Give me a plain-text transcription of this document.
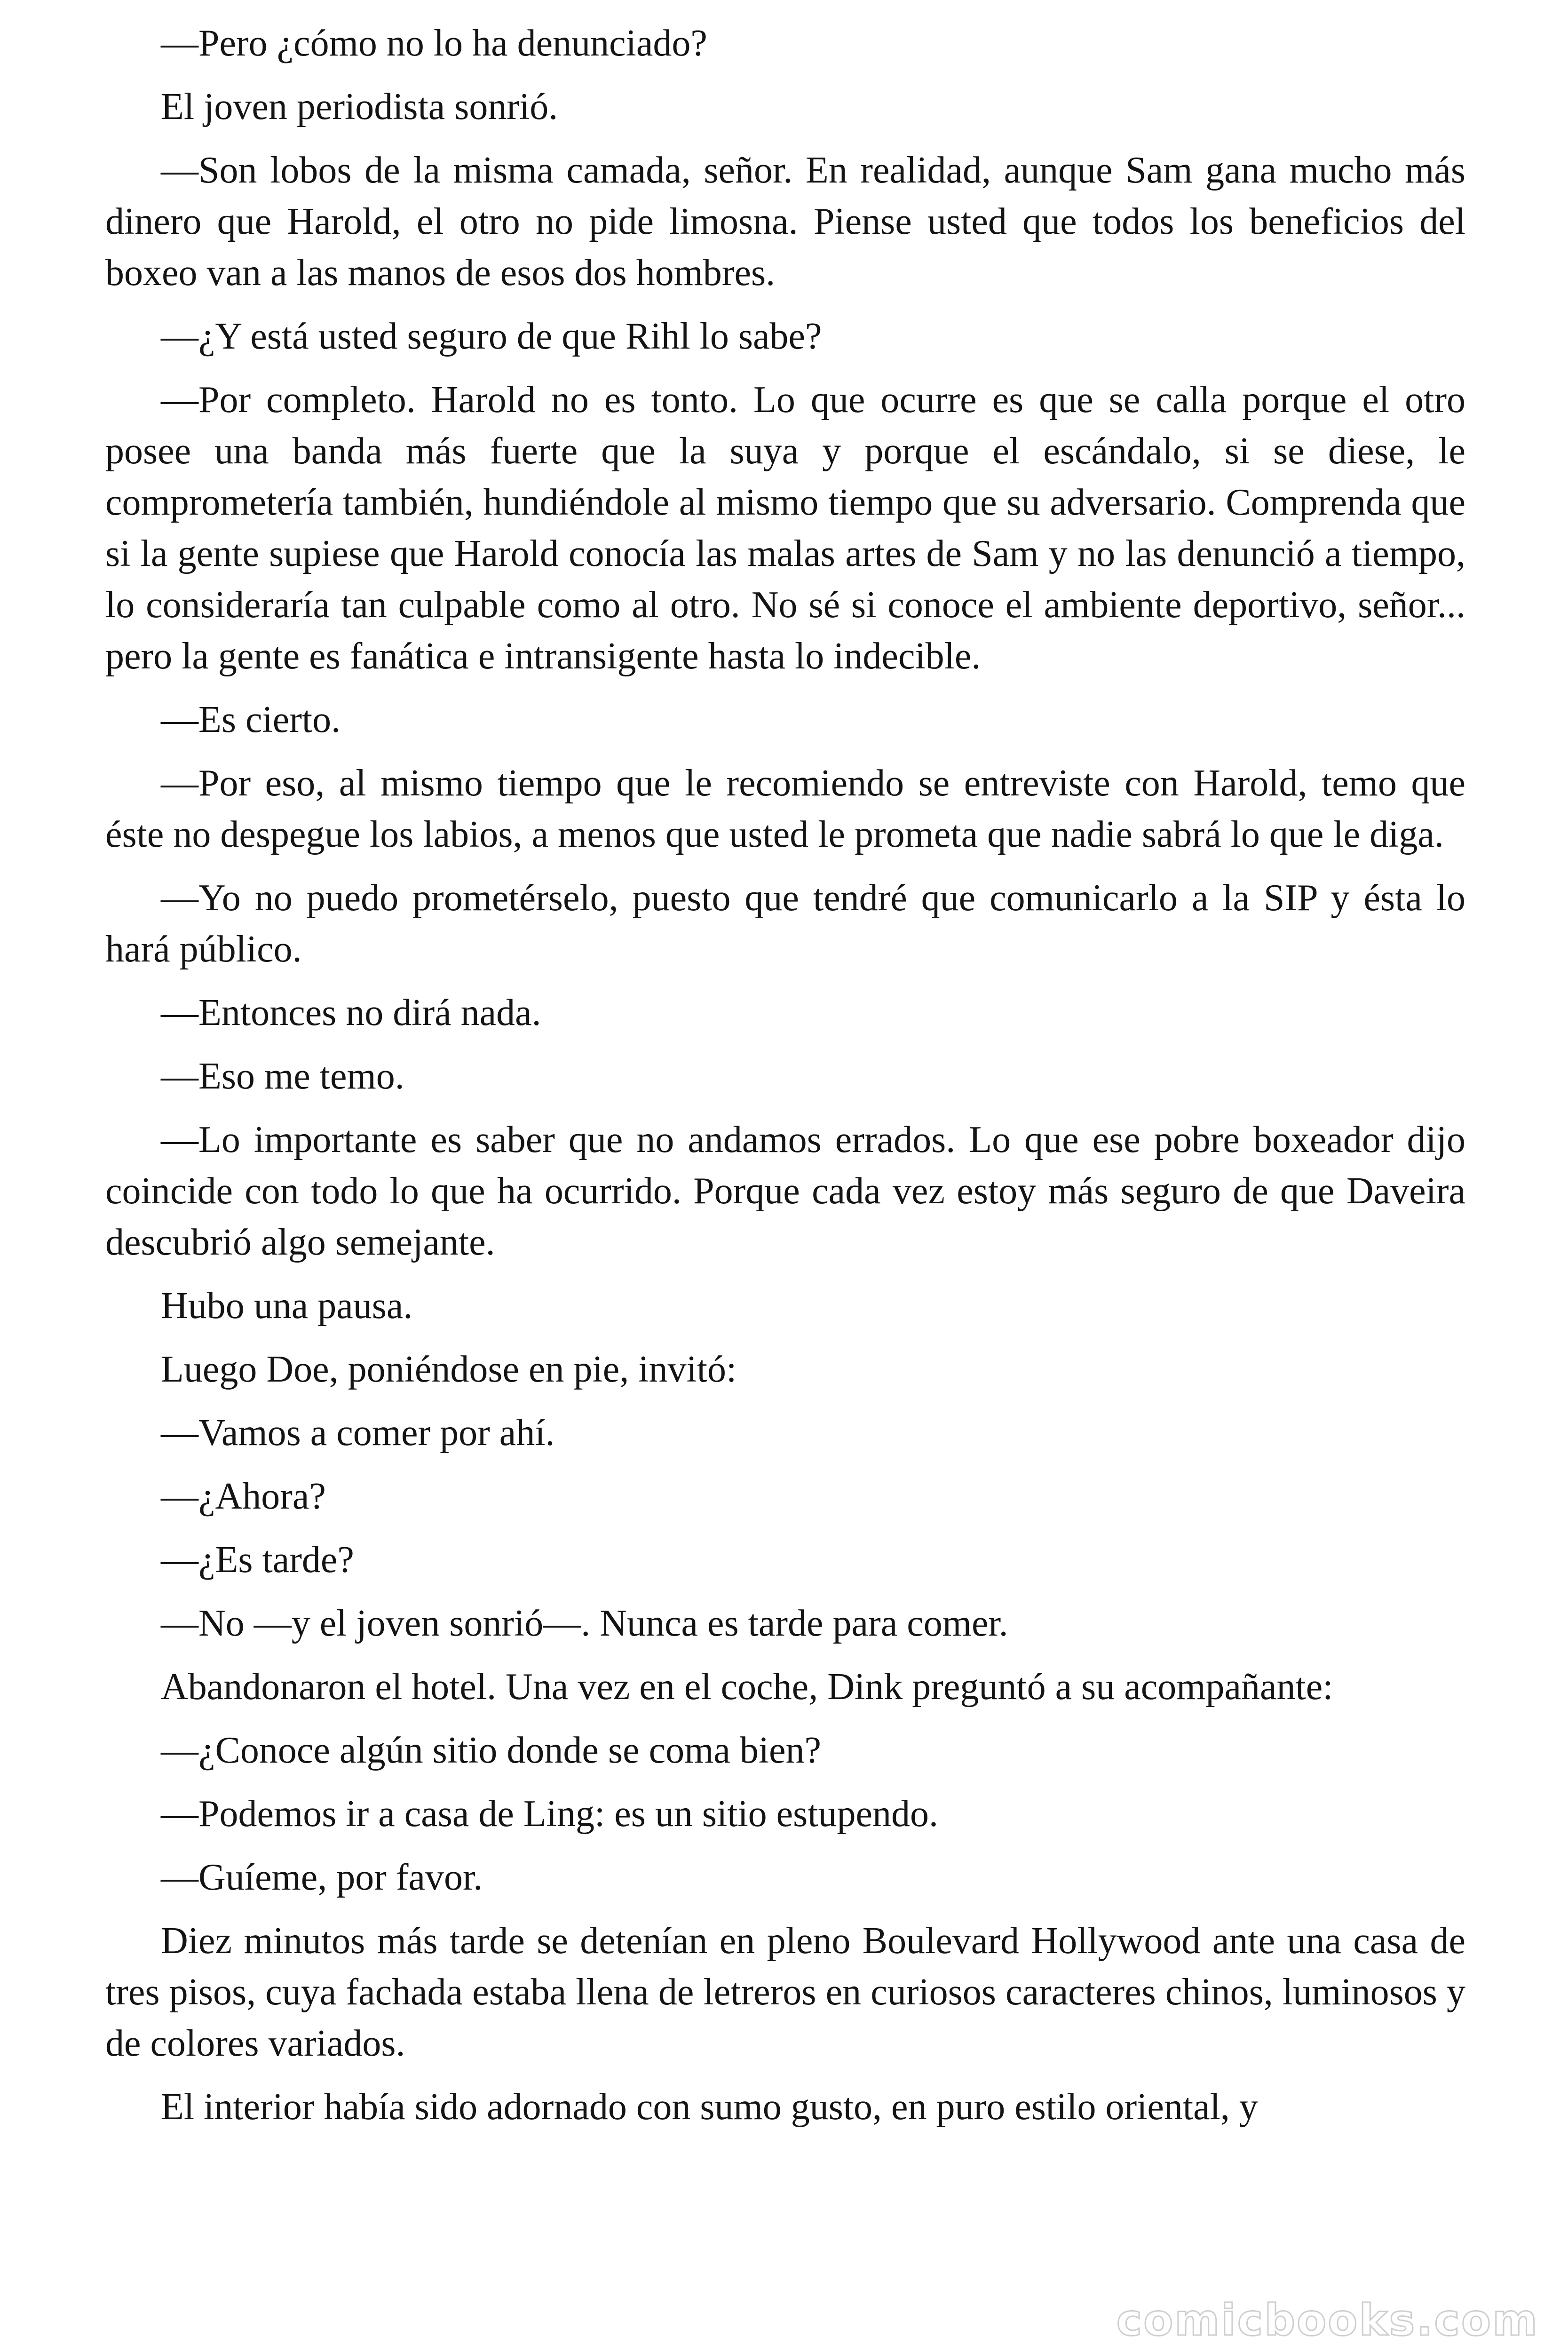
—Pero ¿cómo no lo ha denunciado?

El joven periodista sonrió.

—Son lobos de la misma camada, señor. En realidad, aunque Sam gana mucho más dinero que Harold, el otro no pide limosna. Piense usted que todos los beneficios del boxeo van a las manos de esos dos hombres.

—¿Y está usted seguro de que Rihl lo sabe?

—Por completo. Harold no es tonto. Lo que ocurre es que se calla porque el otro posee una banda más fuerte que la suya y porque el escándalo, si se diese, le comprometería también, hundiéndole al mismo tiempo que su adversario. Comprenda que si la gente supiese que Harold conocía las malas artes de Sam y no las denunció a tiempo, lo consideraría tan culpable como al otro. No sé si conoce el ambiente deportivo, señor... pero la gente es fanática e intransigente hasta lo indecible.

—Es cierto.

—Por eso, al mismo tiempo que le recomiendo se entreviste con Harold, temo que éste no despegue los labios, a menos que usted le prometa que nadie sabrá lo que le diga.

—Yo no puedo prometérselo, puesto que tendré que comunicarlo a la SIP y ésta lo hará público.

—Entonces no dirá nada.

—Eso me temo.

—Lo importante es saber que no andamos errados. Lo que ese pobre boxeador dijo coincide con todo lo que ha ocurrido. Porque cada vez estoy más seguro de que Daveira descubrió algo semejante.

Hubo una pausa.

Luego Doe, poniéndose en pie, invitó:

—Vamos a comer por ahí.

—¿Ahora?

—¿Es tarde?

—No —y el joven sonrió—. Nunca es tarde para comer.

Abandonaron el hotel. Una vez en el coche, Dink preguntó a su acompañante:

—¿Conoce algún sitio donde se coma bien?

—Podemos ir a casa de Ling: es un sitio estupendo.

—Guíeme, por favor.

Diez minutos más tarde se detenían en pleno Boulevard Hollywood ante una casa de tres pisos, cuya fachada estaba llena de letreros en curiosos caracteres chinos, luminosos y de colores variados.

El interior había sido adornado con sumo gusto, en puro estilo oriental, y

comicbooks.com
